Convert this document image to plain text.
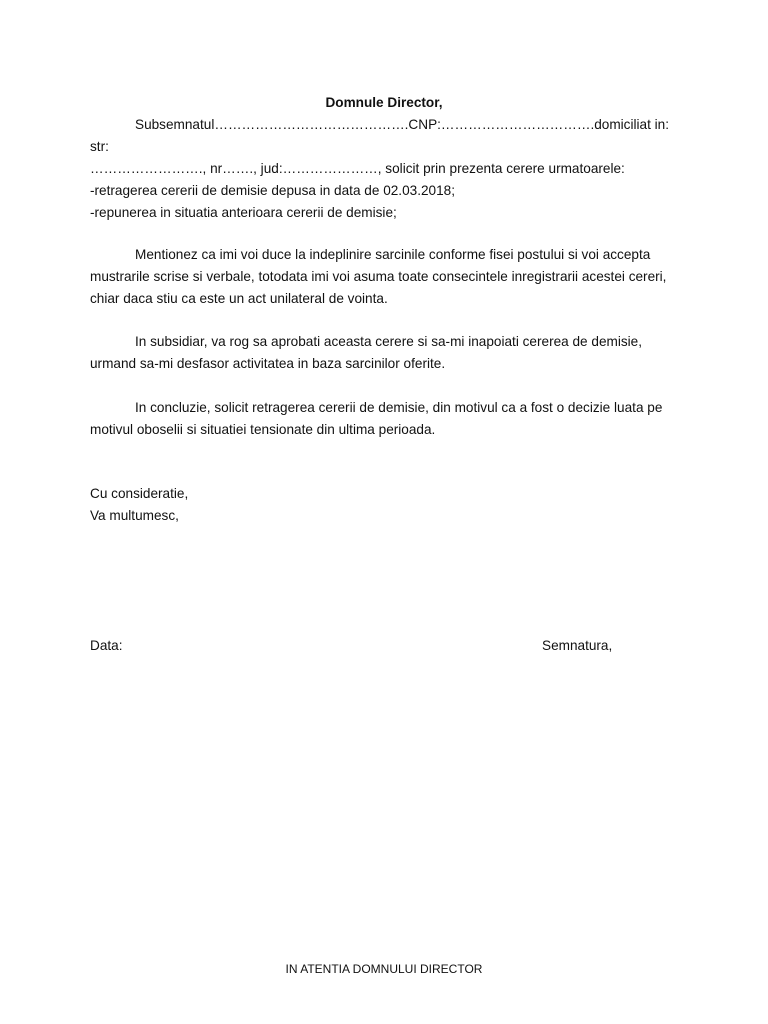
Domnule Director,

Subsemnatul…………………………………….CNP:…………………………….domiciliat in: str:

……………………., nr……., jud:…………………, solicit prin prezenta cerere urmatoarele:

-retragerea cererii de demisie depusa in data de 02.03.2018;

-repunerea in situatia anterioara cererii de demisie;

Mentionez ca imi voi duce la indeplinire sarcinile conforme fisei postului si voi accepta mustrarile scrise si verbale, totodata imi voi asuma toate consecintele inregistrarii acestei cereri, chiar daca stiu ca este un act unilateral de vointa.

In subsidiar, va rog sa aprobati aceasta cerere si sa-mi inapoiati cererea de demisie, urmand sa-mi desfasor activitatea in baza sarcinilor oferite.

In concluzie, solicit retragerea cererii de demisie, din motivul ca a fost o decizie luata pe motivul oboselii si situatiei tensionate din ultima perioada.

Cu consideratie,

Va multumesc,

Data:	Semnatura,
IN ATENTIA DOMNULUI DIRECTOR
